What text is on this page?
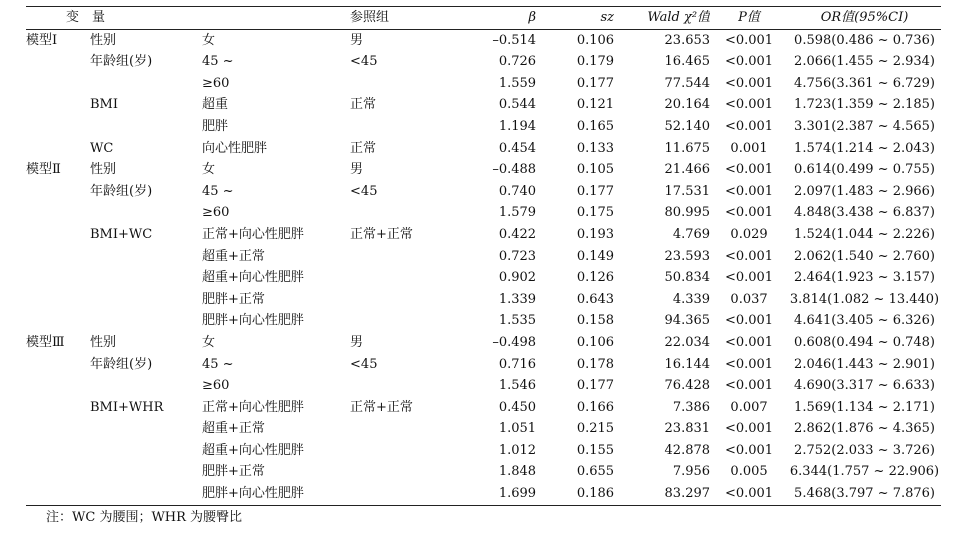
变　量			参照组	β	sz	Wald χ²值	P值	OR值(95%CI)
模型Ⅰ	性别	女	男	–0.514	0.106	23.653	<0.001	0.598(0.486 ~ 0.736)
	年龄组(岁)	45 ~	<45	0.726	0.179	16.465	<0.001	2.066(1.455 ~ 2.934)
		≥60		1.559	0.177	77.544	<0.001	4.756(3.361 ~ 6.729)
	BMI	超重	正常	0.544	0.121	20.164	<0.001	1.723(1.359 ~ 2.185)
		肥胖		1.194	0.165	52.140	<0.001	3.301(2.387 ~ 4.565)
	WC	向心性肥胖	正常	0.454	0.133	11.675	0.001	1.574(1.214 ~ 2.043)
模型Ⅱ	性别	女	男	–0.488	0.105	21.466	<0.001	0.614(0.499 ~ 0.755)
	年龄组(岁)	45 ~	<45	0.740	0.177	17.531	<0.001	2.097(1.483 ~ 2.966)
		≥60		1.579	0.175	80.995	<0.001	4.848(3.438 ~ 6.837)
	BMI+WC	正常+向心性肥胖	正常+正常	0.422	0.193	4.769	0.029	1.524(1.044 ~ 2.226)
		超重+正常		0.723	0.149	23.593	<0.001	2.062(1.540 ~ 2.760)
		超重+向心性肥胖		0.902	0.126	50.834	<0.001	2.464(1.923 ~ 3.157)
		肥胖+正常		1.339	0.643	4.339	0.037	3.814(1.082 ~ 13.440)
		肥胖+向心性肥胖		1.535	0.158	94.365	<0.001	4.641(3.405 ~ 6.326)
模型Ⅲ	性别	女	男	–0.498	0.106	22.034	<0.001	0.608(0.494 ~ 0.748)
	年龄组(岁)	45 ~	<45	0.716	0.178	16.144	<0.001	2.046(1.443 ~ 2.901)
		≥60		1.546	0.177	76.428	<0.001	4.690(3.317 ~ 6.633)
	BMI+WHR	正常+向心性肥胖	正常+正常	0.450	0.166	7.386	0.007	1.569(1.134 ~ 2.171)
		超重+正常		1.051	0.215	23.831	<0.001	2.862(1.876 ~ 4.365)
		超重+向心性肥胖		1.012	0.155	42.878	<0.001	2.752(2.033 ~ 3.726)
		肥胖+正常		1.848	0.655	7.956	0.005	6.344(1.757 ~ 22.906)
		肥胖+向心性肥胖		1.699	0.186	83.297	<0.001	5.468(3.797 ~ 7.876)
注：WC 为腰围；WHR 为腰臀比
